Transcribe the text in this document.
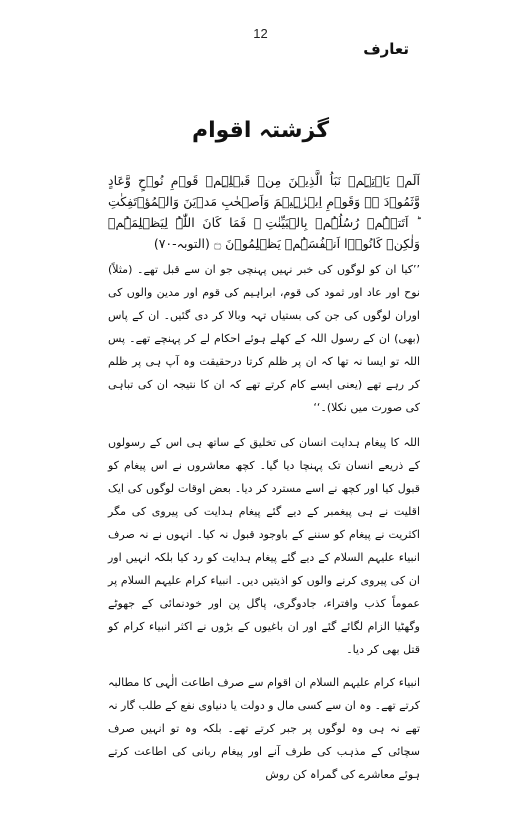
12
تعارف
گزشتہ اقوام

اَلَمۡ یَاۡتِہِمۡ نَبَاُ الَّذِیۡنَ مِنۡ قَبۡلِہِمۡ قَوۡمِ نُوۡحٍ وَّعَادٍ وَّثَمُوۡدَ ۬ۙ وَقَوۡمِ اِبۡرٰہِیۡمَ وَاَصۡحٰبِ مَدۡیَنَ وَالۡمُؤۡتَفِکٰتِ ؕ اَتَتۡہُمۡ رُسُلُہُمۡ بِالۡبَیِّنٰتِ ۚ فَمَا کَانَ اللّٰہُ لِیَظۡلِمَہُمۡ وَلٰکِنۡ کَانُوۡۤا اَنۡفُسَہُمۡ یَظۡلِمُوۡنَ ۝ (التوبہ-٧٠)

’’کیا ان کو لوگوں کی خبر نہیں پہنچی جو ان سے قبل تھے۔ (مثلاً) نوح اور عاد اور ثمود کی قوم، ابراہیم کی قوم اور مدین والوں کی اوران لوگوں کی جن کی بستیاں تہہ وبالا کر دی گئیں۔ ان کے پاس (بھی) ان کے رسول اللہ کے کھلے ہوئے احکام لے کر پہنچے تھے۔ پس اللہ تو ایسا نہ تھا کہ ان پر ظلم کرتا درحقیقت وہ آپ ہی پر ظلم کر رہے تھے (یعنی ایسے کام کرتے تھے کہ ان کا نتیجہ ان کی تباہی کی صورت میں نکلا)۔‘‘

اللہ کا پیغام ہدایت انسان کی تخلیق کے ساتھ ہی اس کے رسولوں کے ذریعے انسان تک پہنچا دیا گیا۔ کچھ معاشروں نے اس پیغام کو قبول کیا اور کچھ نے اسے مسترد کر دیا۔ بعض اوقات لوگوں کی ایک اقلیت نے ہی پیغمبر کے دیے گئے پیغام ہدایت کی پیروی کی مگر اکثریت نے پیغام کو سننے کے باوجود قبول نہ کیا۔ انہوں نے نہ صرف انبیاء علیہم السلام کے دیے گئے پیغام ہدایت کو رد کیا بلکہ انہیں اور ان کی پیروی کرنے والوں کو اذیتیں دیں۔ انبیاء کرام علیہم السلام پر عموماً کذب وافتراء، جادوگری، پاگل پن اور خودنمائی کے جھوٹے وگھٹیا الزام لگائے گئے اور ان باغیوں کے بڑوں نے اکثر انبیاء کرام کو قتل بھی کر دیا۔

انبیاء کرام علیہم السلام ان اقوام سے صرف اطاعت الٰہی کا مطالبہ کرتے تھے۔ وہ ان سے کسی مال و دولت یا دنیاوی نفع کے طلب گار نہ تھے نہ ہی وہ لوگوں پر جبر کرتے تھے۔ بلکہ وہ تو انہیں صرف سچائی کے مذہب کی طرف آنے اور پیغام ربانی کی اطاعت کرتے ہوئے معاشرے کی گمراہ کن روش
